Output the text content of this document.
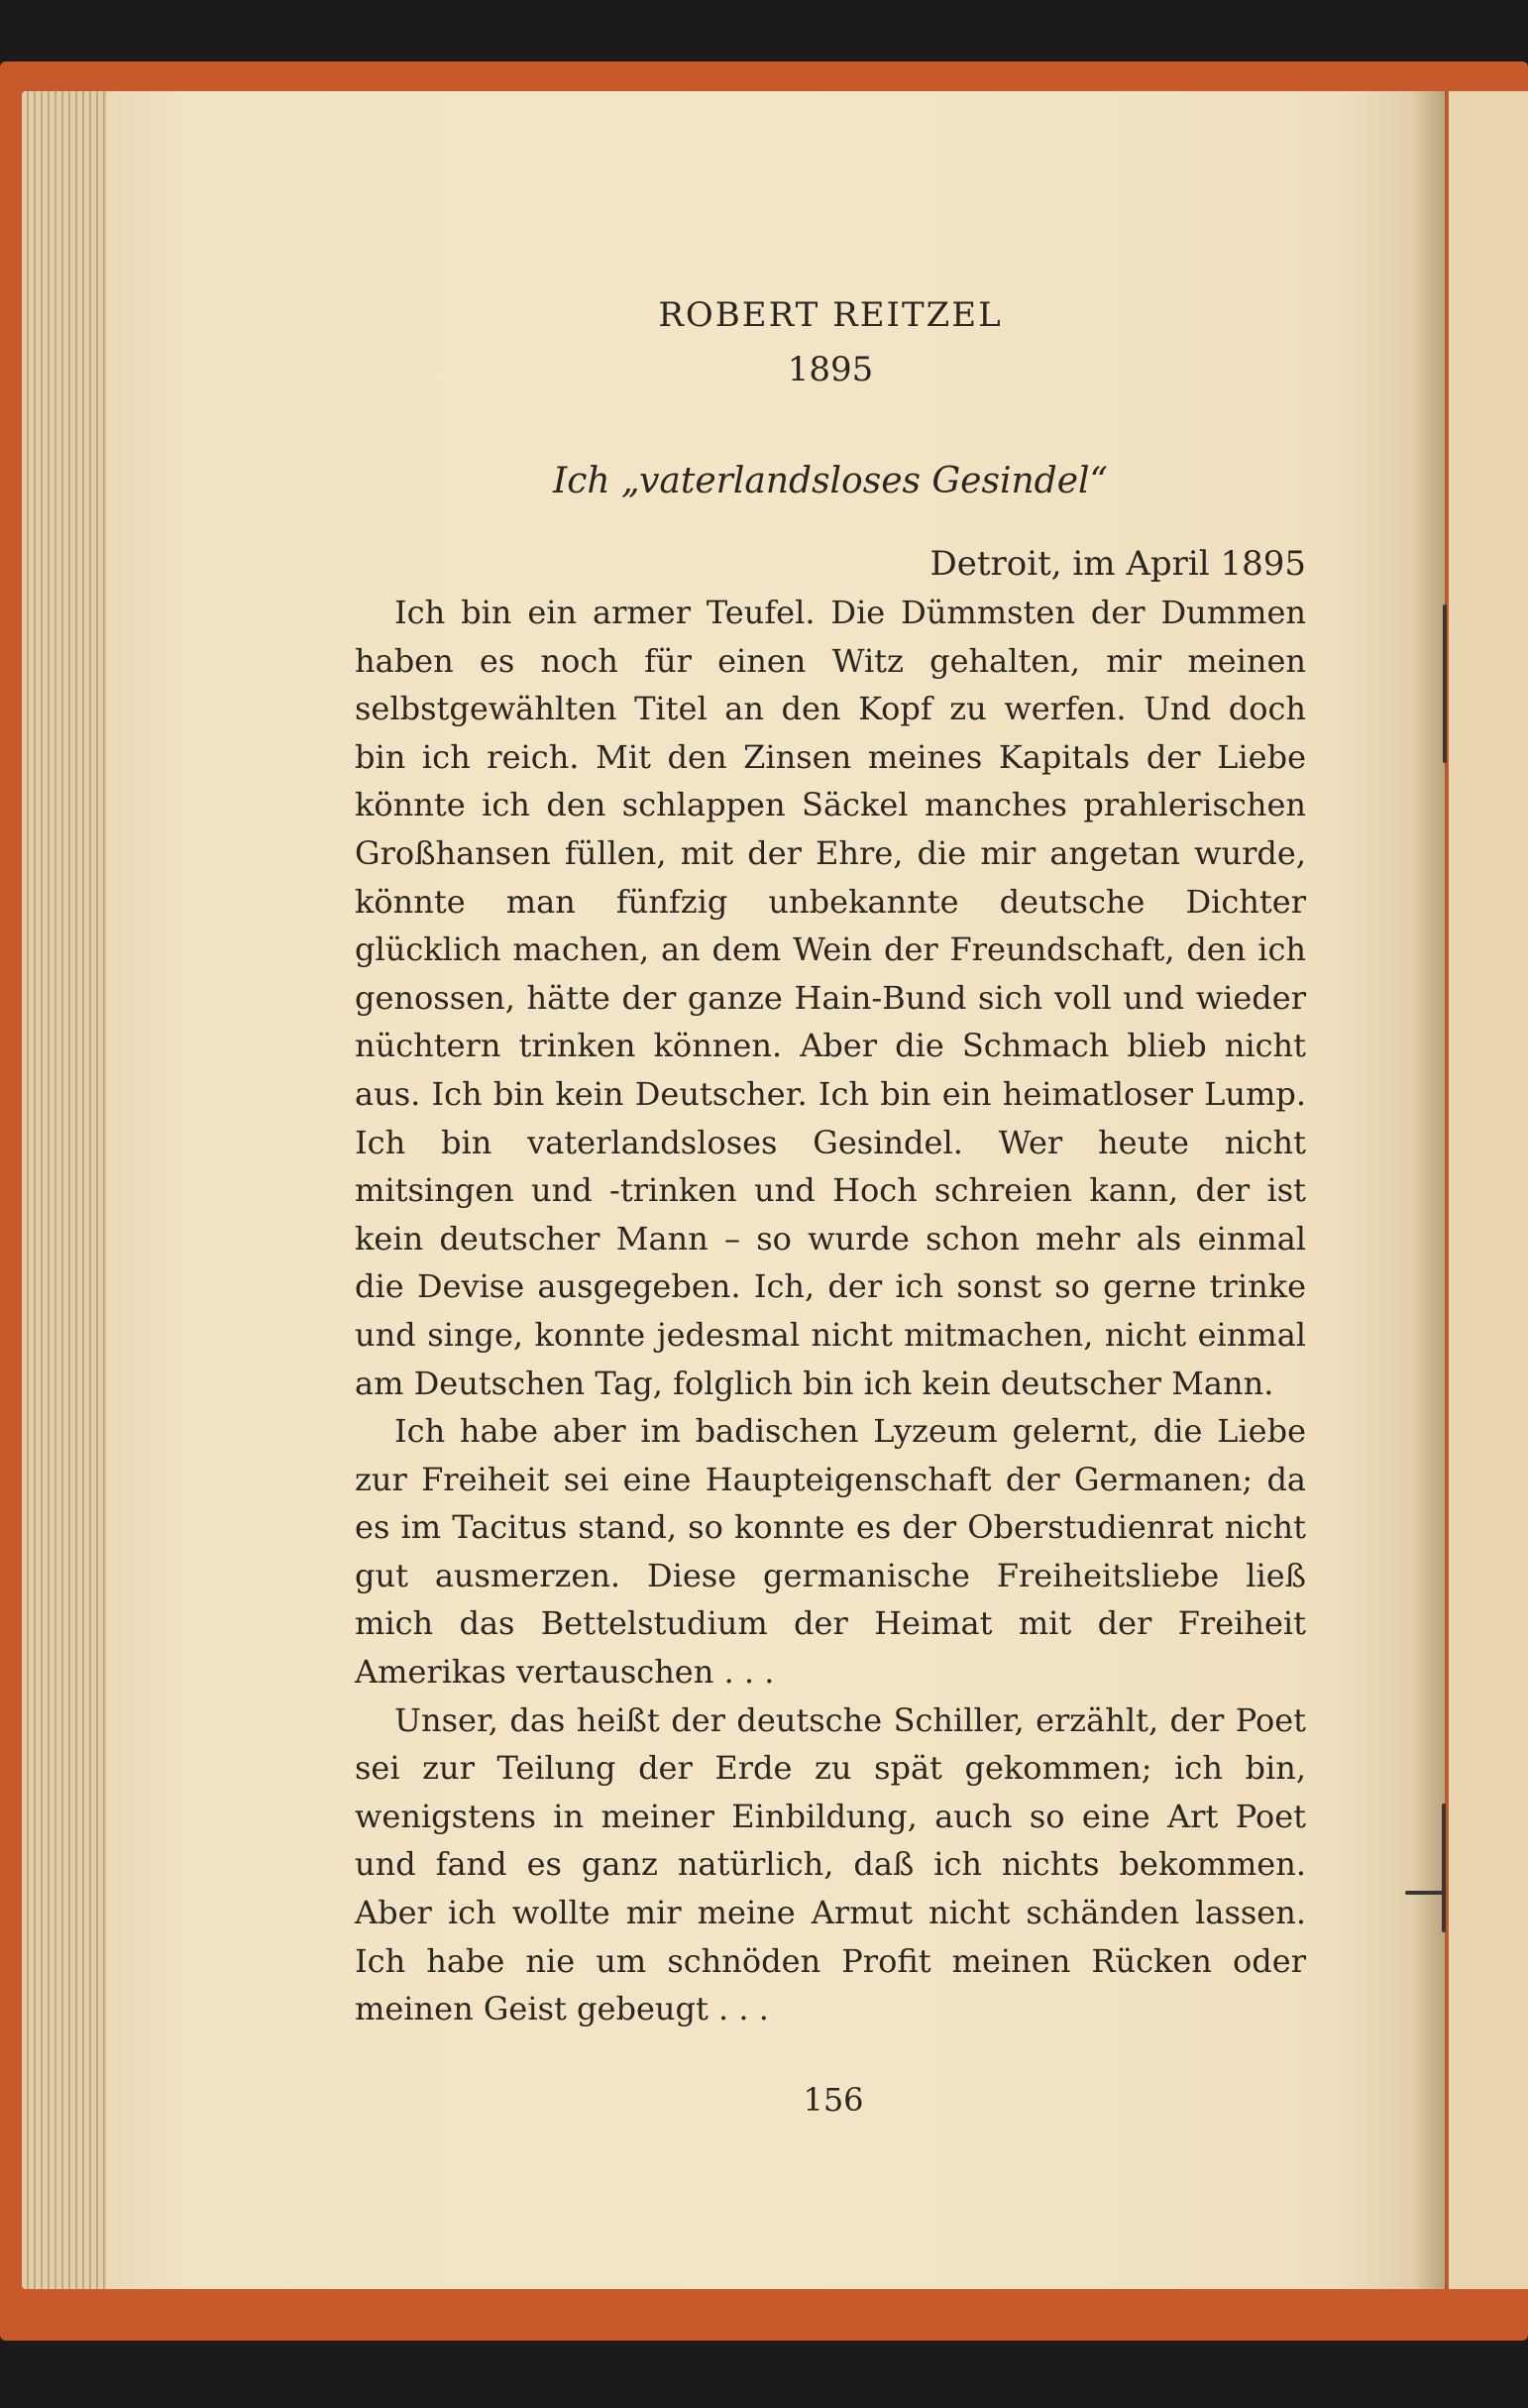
ROBERT REITZEL

1895

Ich „vaterlandsloses Gesindel“

Detroit, im April 1895

Ich bin ein armer Teufel. Die Dümmsten der Dummen haben es noch für einen Witz gehalten, mir meinen selbstgewählten Titel an den Kopf zu werfen. Und doch bin ich reich. Mit den Zinsen meines Kapitals der Liebe könnte ich den schlappen Säckel manches prahlerischen Großhansen füllen, mit der Ehre, die mir angetan wurde, könnte man fünfzig unbekannte deutsche Dichter glücklich machen, an dem Wein der Freundschaft, den ich genossen, hätte der ganze Hain-Bund sich voll und wieder nüchtern trinken können. Aber die Schmach blieb nicht aus. Ich bin kein Deutscher. Ich bin ein heimatloser Lump. Ich bin vaterlandsloses Gesindel. Wer heute nicht mitsingen und -trinken und Hoch schreien kann, der ist kein deutscher Mann – so wurde schon mehr als einmal die Devise ausgegeben. Ich, der ich sonst so gerne trinke und singe, konnte jedesmal nicht mitmachen, nicht einmal am Deutschen Tag, folglich bin ich kein deutscher Mann.

Ich habe aber im badischen Lyzeum gelernt, die Liebe zur Freiheit sei eine Haupteigenschaft der Germanen; da es im Tacitus stand, so konnte es der Oberstudienrat nicht gut ausmerzen. Diese germanische Freiheitsliebe ließ mich das Bettelstudium der Heimat mit der Freiheit Amerikas vertauschen . . .

Unser, das heißt der deutsche Schiller, erzählt, der Poet sei zur Teilung der Erde zu spät gekommen; ich bin, wenigstens in meiner Einbildung, auch so eine Art Poet und fand es ganz natürlich, daß ich nichts bekommen. Aber ich wollte mir meine Armut nicht schänden lassen. Ich habe nie um schnöden Profit meinen Rücken oder meinen Geist gebeugt . . .

156
